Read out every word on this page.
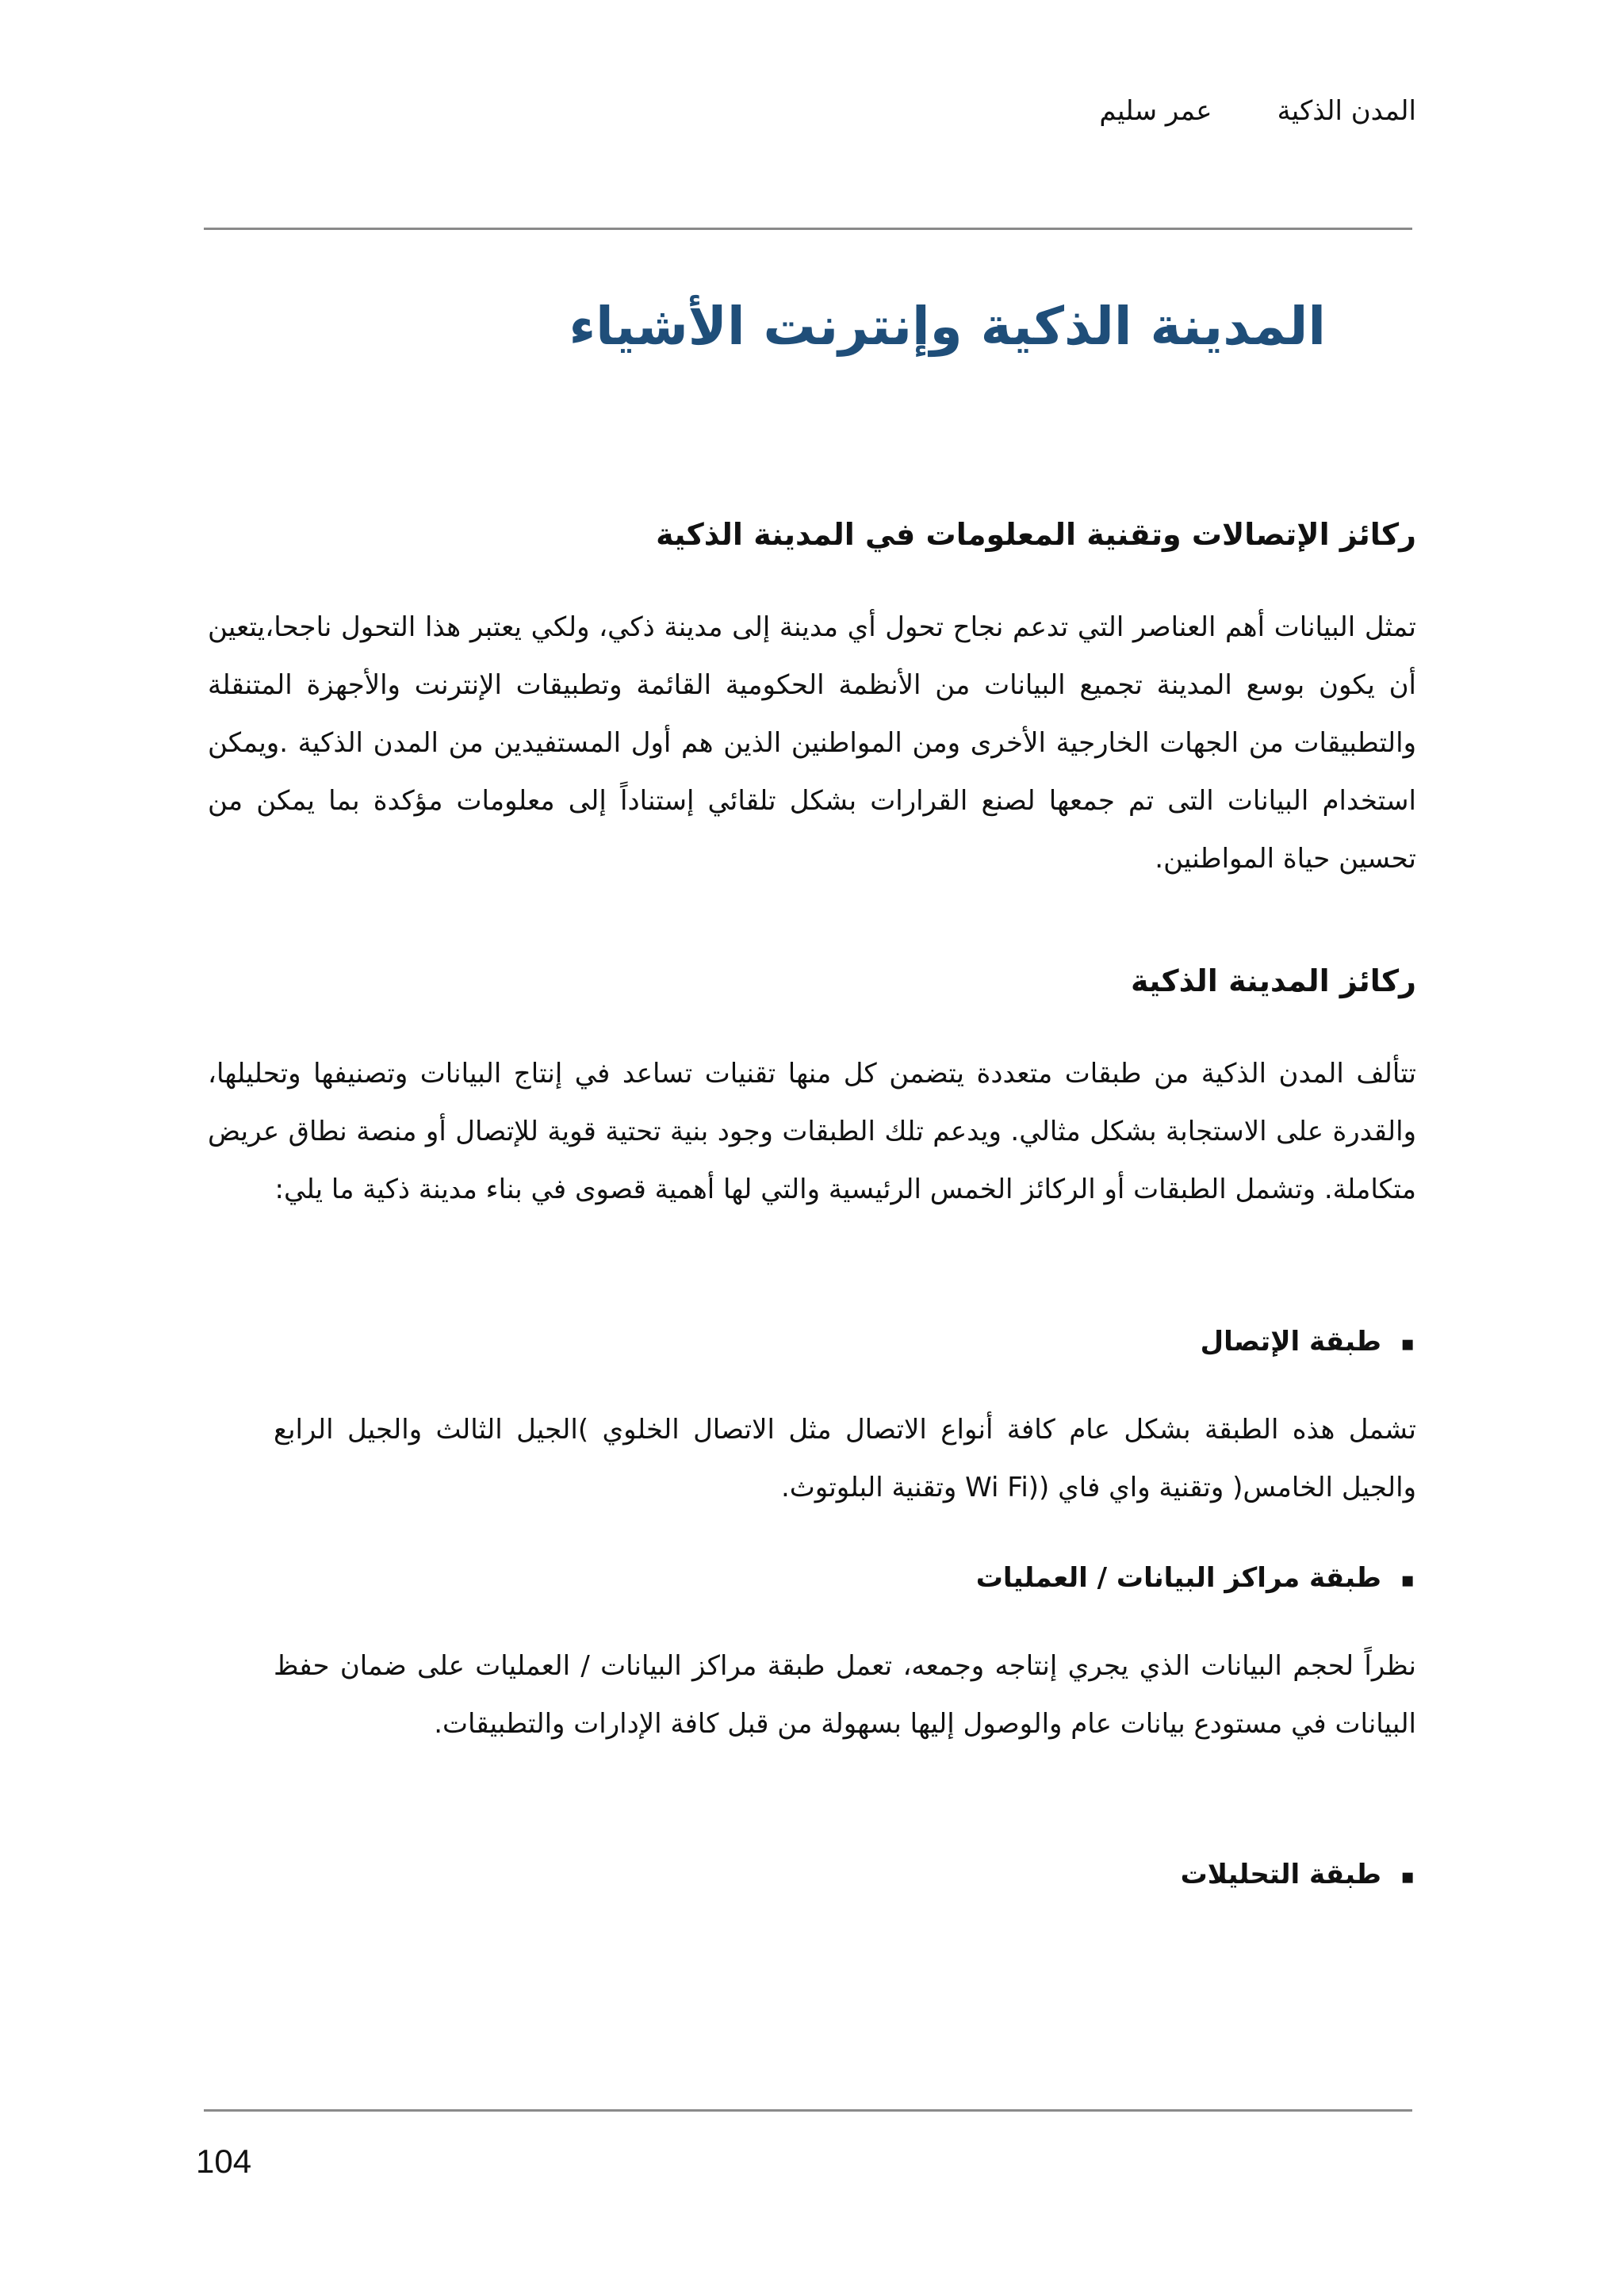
المدن الذكيةعمر سليم
المدينة الذكية وإنترنت الأشياء
ركائز الإتصالات وتقنية المعلومات في المدينة الذكية

تمثل البيانات أهم العناصر التي تدعم نجاح تحول أي مدينة إلى مدينة ذكي، ولكي يعتبر هذا التحول ناجحا،يتعين أن يكون بوسع المدينة تجميع البيانات من الأنظمة الحكومية القائمة وتطبيقات الإنترنت والأجهزة المتنقلة والتطبيقات من الجهات الخارجية الأخرى ومن المواطنين الذين هم أول المستفيدين من المدن الذكية .ويمكن استخدام البيانات التى تم جمعها لصنع القرارات بشكل تلقائي إستناداً إلى معلومات مؤكدة بما يمكن من تحسين حياة المواطنين.

ركائز المدينة الذكية

تتألف المدن الذكية من طبقات متعددة يتضمن كل منها تقنيات تساعد في إنتاج البيانات وتصنيفها وتحليلها، والقدرة على الاستجابة بشكل مثالي. ويدعم تلك الطبقات وجود بنية تحتية قوية للإتصال أو منصة نطاق عريض متكاملة. وتشمل الطبقات أو الركائز الخمس الرئيسية والتي لها أهمية قصوى في بناء مدينة ذكية ما يلي:

▪
طبقة الإتصال

تشمل هذه الطبقة بشكل عام كافة أنواع الاتصال مثل الاتصال الخلوي )الجيل الثالث والجيل الرابع والجيل الخامس( وتقنية واي فاي ((Wi Fi وتقنية البلوتوث.

▪
طبقة مراكز البيانات / العمليات

نظراً لحجم البيانات الذي يجري إنتاجه وجمعه، تعمل طبقة مراكز البيانات / العمليات على ضمان حفظ البيانات في مستودع بيانات عام والوصول إليها بسهولة من قبل كافة الإدارات والتطبيقات.

▪
طبقة التحليلات
104
